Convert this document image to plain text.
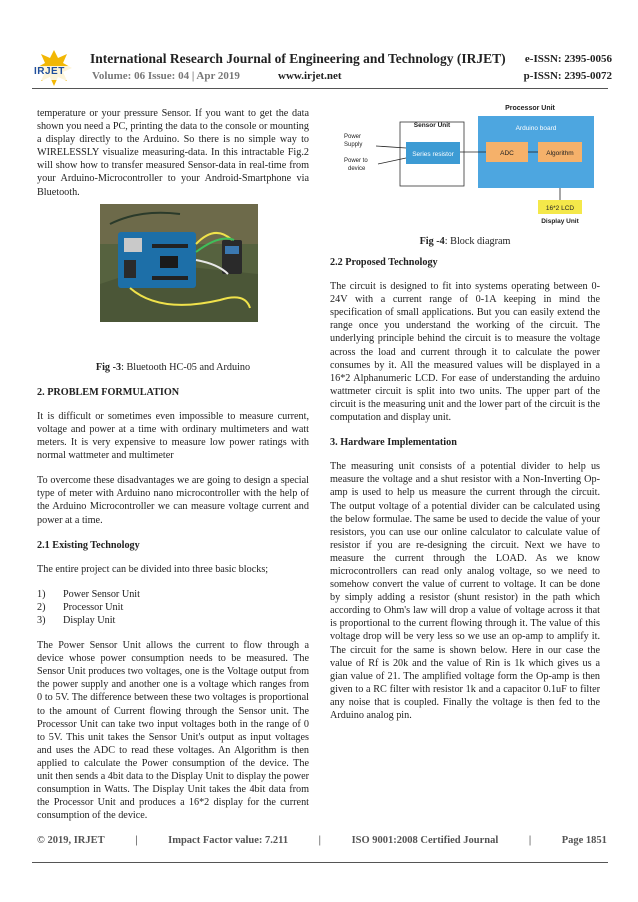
IRJET
International Research Journal of Engineering and Technology (IRJET) e-ISSN: 2395-0056
Volume: 06 Issue: 04 | Apr 2019	www.irjet.net	p-ISSN: 2395-0072

temperature or your pressure Sensor. If you want to get the data shown you need a PC, printing the data to the console or mounting a display directly to the Arduino. So there is no simple way to WIRELESSLY visualize measuring-data. In this intractable Fig.2 will show how to transfer measured Sensor-data in real-time from your Arduino-Microcontroller to your Android-Smartphone via Bluetooth.

Fig -3: Bluetooth HC-05 and Arduino

2. PROBLEM FORMULATION

It is difficult or sometimes even impossible to measure current, voltage and power at a time with ordinary multimeters and watt meters. It is very expensive to measure low power ratings with normal wattmeter and multimeter

To overcome these disadvantages we are going to design a special type of meter with Arduino nano microcontroller with the help of the Arduino Microcontroller we can measure voltage current and power at a time.

2.1 Existing Technology

The entire project can be divided into three basic blocks;

1)	Power Sensor Unit
2)	Processor Unit
3)	Display Unit

The Power Sensor Unit allows the current to flow through a device whose power consumption needs to be measured. The Sensor Unit produces two voltages, one is the Voltage output from the power supply and another one is a voltage which ranges from 0 to 5V. The difference between these two voltages is proportional to the amount of Current flowing through the Sensor unit. The Processor Unit can take two input voltages both in the range of 0 to 5V. This unit takes the Sensor Unit's output as input voltages and uses the ADC to read these voltages. An Algorithm is then applied to calculate the Power consumption of the device. The unit then sends a 4bit data to the Display Unit to display the power consumption in Watts. The Display Unit takes the 4bit data from the Processor Unit and produces a 16*2 display for the current consumption of the device.

Sensor Unit
Series resistor
Processor Unit
Arduino board
ADC	Algorithm
Power
Supply
Power to
device
16*2 LCD
Display Unit
Fig -4: Block diagram
2.2 Proposed Technology

The circuit is designed to fit into systems operating between 0-24V with a current range of 0-1A keeping in mind the specification of small applications. But you can easily extend the range once you understand the working of the circuit. The underlying principle behind the circuit is to measure the voltage across the load and current through it to calculate the power consumes by it. All the measured values will be displayed in a 16*2 Alphanumeric LCD. For ease of understanding the arduino wattmeter circuit is split into two units. The upper part of the circuit is the measuring unit and the lower part of the circuit is the computation and display unit.

3. Hardware Implementation

The measuring unit consists of a potential divider to help us measure the voltage and a shut resistor with a Non-Inverting Op-amp is used to help us measure the current through the circuit. The output voltage of a potential divider can be calculated using the below formulae. The same be used to decide the value of your resistors, you can use our online calculator to calculate value of resistor if you are re-designing the circuit. Next we have to measure the current through the LOAD. As we know microcontrollers can read only analog voltage, so we need to somehow convert the value of current to voltage. It can be done by simply adding a resistor (shunt resistor) in the path which according to Ohm's law will drop a value of voltage across it that is proportional to the current flowing through it. The value of this voltage drop will be very less so we use an op-amp to amplify it. The circuit for the same is shown below. Here in our case the value of Rf is 20k and the value of Rin is 1k which gives us a gian value of 21. The amplified voltage form the Op-amp is then given to a RC filter with resistor 1k and a capacitor 0.1uF to filter any noise that is coupled. Finally the voltage is then fed to the Arduino analog pin.

© 2019, IRJET	|	Impact Factor value: 7.211	|	ISO 9001:2008 Certified Journal	|	Page 1851
